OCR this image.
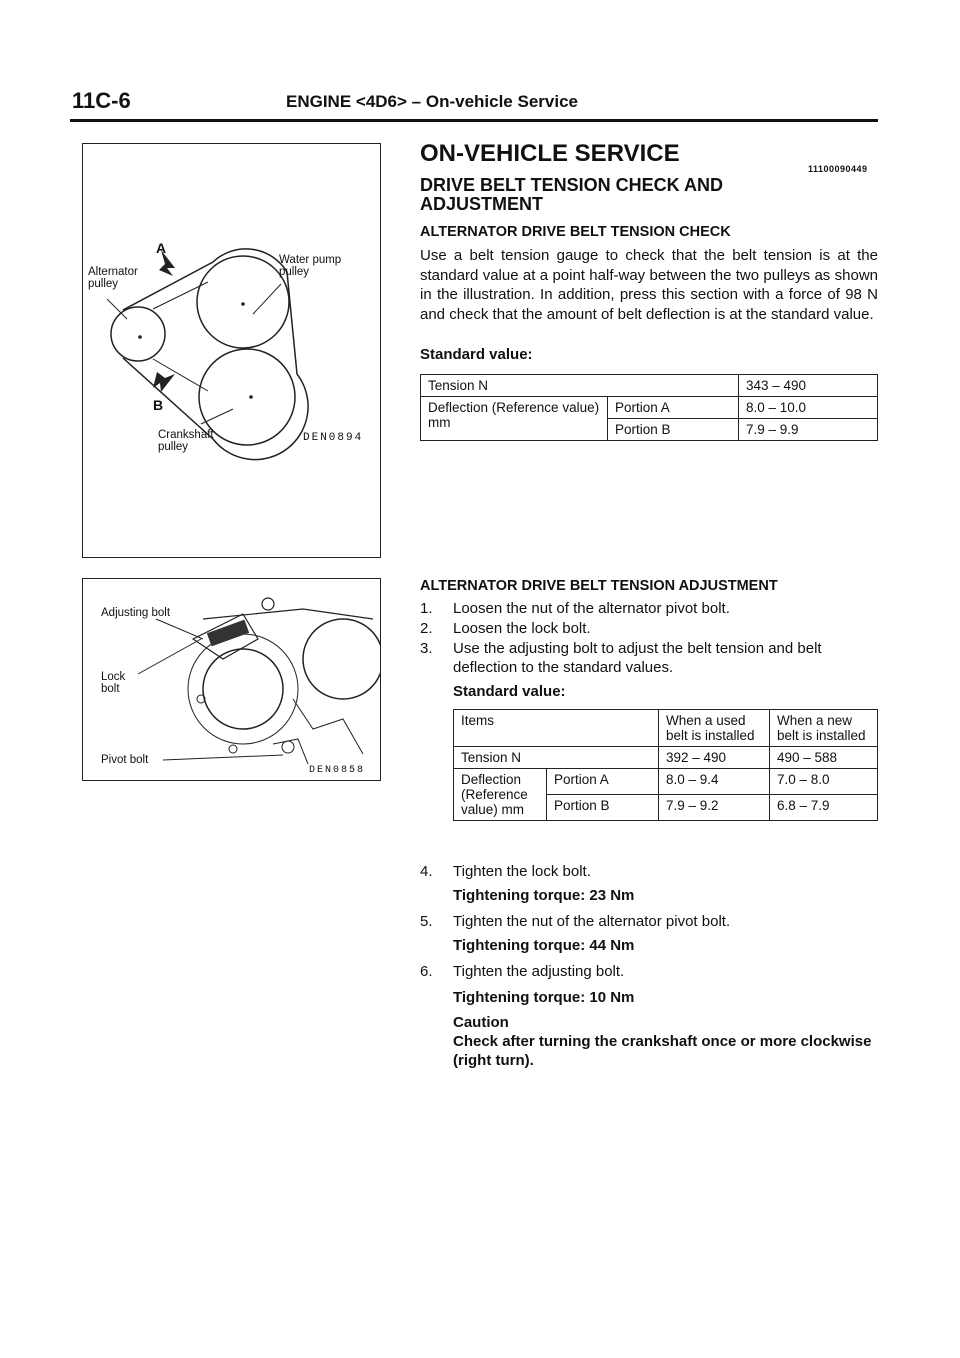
11C-6	ENGINE <4D6> – On-vehicle Service
A
Alternator
pulley
Water pump
pulley
B
Crankshaft
pulley
DEN0894
Adjusting bolt
Lock
bolt
Pivot bolt
DEN0858
ON-VEHICLE SERVICE
11100090449
DRIVE BELT TENSION CHECK AND ADJUSTMENT
ALTERNATOR DRIVE BELT TENSION CHECK
Use a belt tension gauge to check that the belt tension is at the standard value at a point half-way between the two pulleys as shown in the illustration. In addition, press this section with a force of 98 N and check that the amount of belt deflection is at the standard value.
Standard value:
Tension N		343 – 490
Deflection (Reference value) mm	Portion A	8.0 – 10.0
	Portion B	7.9 – 9.9
ALTERNATOR DRIVE BELT TENSION ADJUSTMENT
1.	Loosen the nut of the alternator pivot bolt.
2.	Loosen the lock bolt.
3.	Use the adjusting bolt to adjust the belt tension and belt deflection to the standard values.
Standard value:
Items		When a used belt is installed	When a new belt is installed
Tension N		392 – 490	490 – 588
Deflection (Reference value) mm	Portion A	8.0 – 9.4	7.0 – 8.0
	Portion B	7.9 – 9.2	6.8 – 7.9
4.	Tighten the lock bolt.
Tightening torque: 23 Nm
5.	Tighten the nut of the alternator pivot bolt.
Tightening torque: 44 Nm
6.	Tighten the adjusting bolt.
Tightening torque: 10 Nm
Caution
Check after turning the crankshaft once or more clockwise (right turn).
